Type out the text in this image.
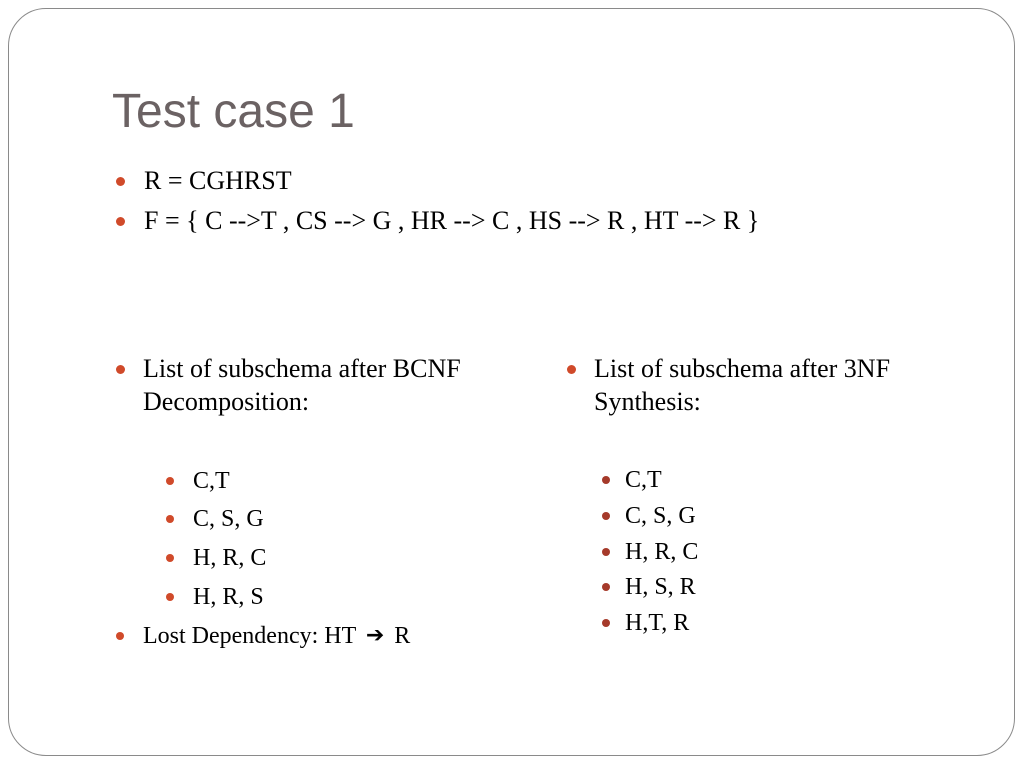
Test case 1
R = CGHRST
F = { C -->T , CS --> G , HR --> C , HS --> R , HT --> R }
List of subschema after BCNF
Decomposition:
C,T
C, S, G
H, R, C
H, R, S
Lost Dependency: HT ➔ R
List of subschema after 3NF
Synthesis:
C,T
C, S, G
H, R, C
H, S, R
H,T, R
